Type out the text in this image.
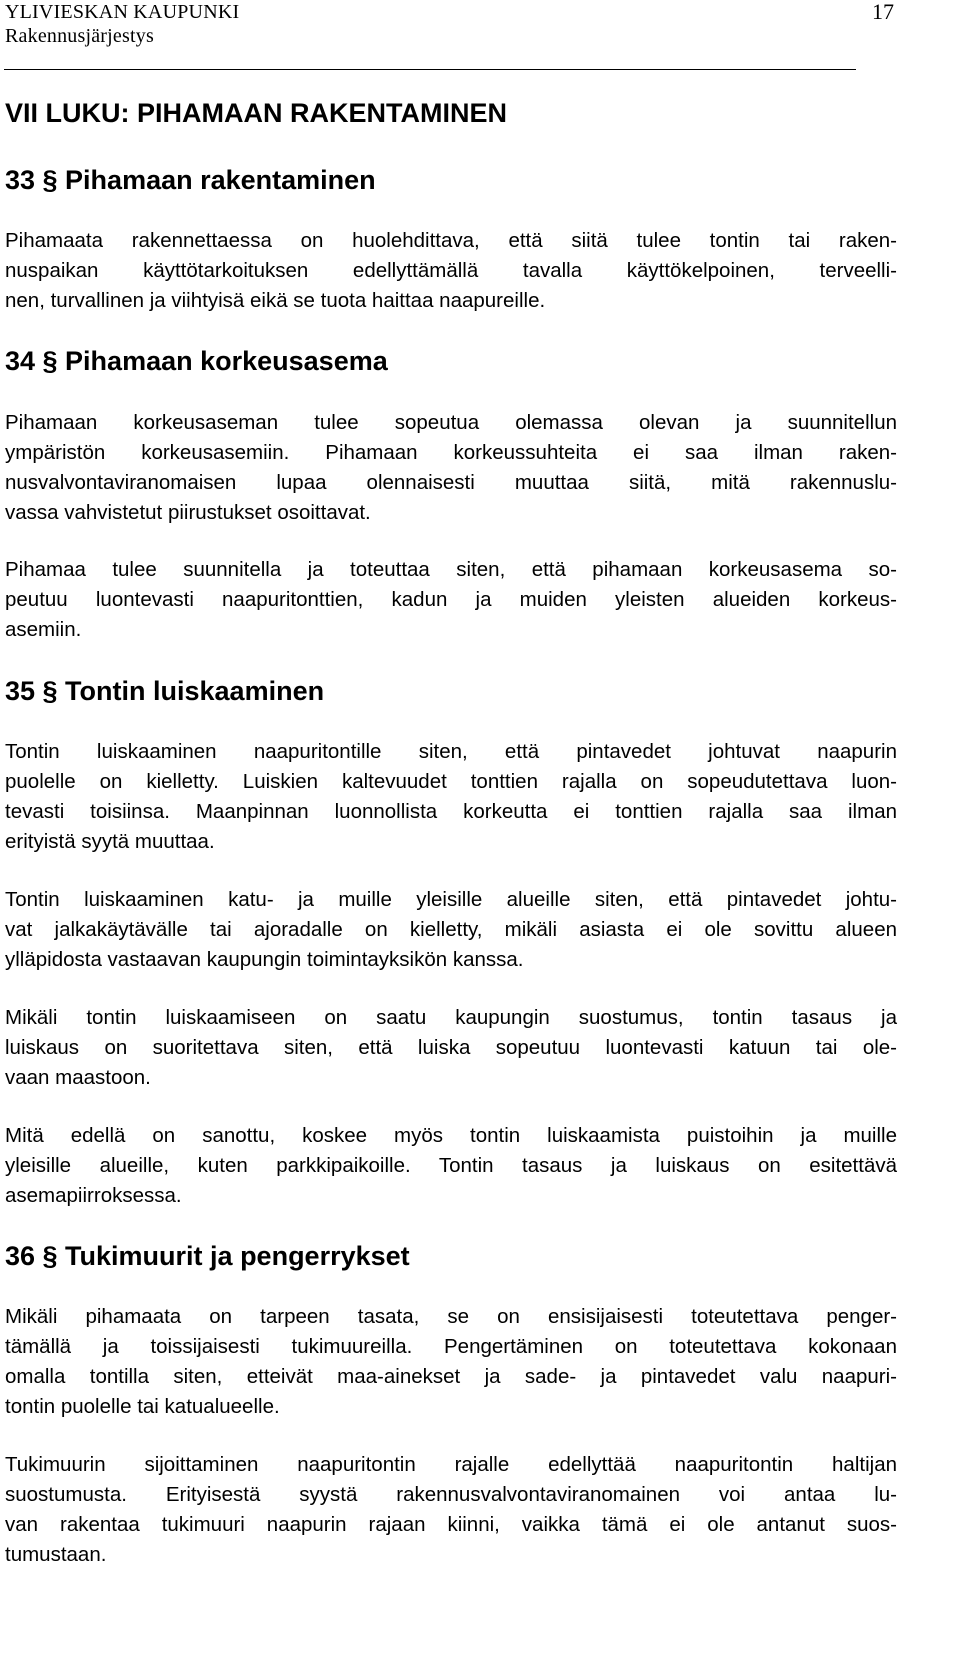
YLIVIESKAN KAUPUNKI
Rakennusjärjestys
17
VII LUKU: PIHAMAAN RAKENTAMINEN
33 § Pihamaan rakentaminen
Pihamaata rakennettaessa on huolehdittava, että siitä tulee tontin tai raken-
nuspaikan käyttötarkoituksen edellyttämällä tavalla käyttökelpoinen, terveelli-
nen, turvallinen ja viihtyisä eikä se tuota haittaa naapureille.
34 § Pihamaan korkeusasema
Pihamaan korkeusaseman tulee sopeutua olemassa olevan ja suunnitellun
ympäristön korkeusasemiin. Pihamaan korkeussuhteita ei saa ilman raken-
nusvalvontaviranomaisen lupaa olennaisesti muuttaa siitä, mitä rakennuslu-
vassa vahvistetut piirustukset osoittavat.
Pihamaa tulee suunnitella ja toteuttaa siten, että pihamaan korkeusasema so-
peutuu luontevasti naapuritonttien, kadun ja muiden yleisten alueiden korkeus-
asemiin.
35 § Tontin luiskaaminen
Tontin luiskaaminen naapuritontille siten, että pintavedet johtuvat naapurin
puolelle on kielletty. Luiskien kaltevuudet tonttien rajalla on sopeudutettava luon-
tevasti toisiinsa. Maanpinnan luonnollista korkeutta ei tonttien rajalla saa ilman
erityistä syytä muuttaa.
Tontin luiskaaminen katu- ja muille yleisille alueille siten, että pintavedet johtu-
vat jalkakäytävälle tai ajoradalle on kielletty, mikäli asiasta ei ole sovittu alueen
ylläpidosta vastaavan kaupungin toimintayksikön kanssa.
Mikäli tontin luiskaamiseen on saatu kaupungin suostumus, tontin tasaus ja
luiskaus on suoritettava siten, että luiska sopeutuu luontevasti katuun tai ole-
vaan maastoon.
Mitä edellä on sanottu, koskee myös tontin luiskaamista puistoihin ja muille
yleisille alueille, kuten parkkipaikoille. Tontin tasaus ja luiskaus on esitettävä
asemapiirroksessa.
36 § Tukimuurit ja pengerrykset
Mikäli pihamaata on tarpeen tasata, se on ensisijaisesti toteutettava penger-
tämällä ja toissijaisesti tukimuureilla. Pengertäminen on toteutettava kokonaan
omalla tontilla siten, etteivät maa-ainekset ja sade- ja pintavedet valu naapuri-
tontin puolelle tai katualueelle.
Tukimuurin sijoittaminen naapuritontin rajalle edellyttää naapuritontin haltijan
suostumusta. Erityisestä syystä rakennusvalvontaviranomainen voi antaa lu-
van rakentaa tukimuuri naapurin rajaan kiinni, vaikka tämä ei ole antanut suos-
tumustaan.
